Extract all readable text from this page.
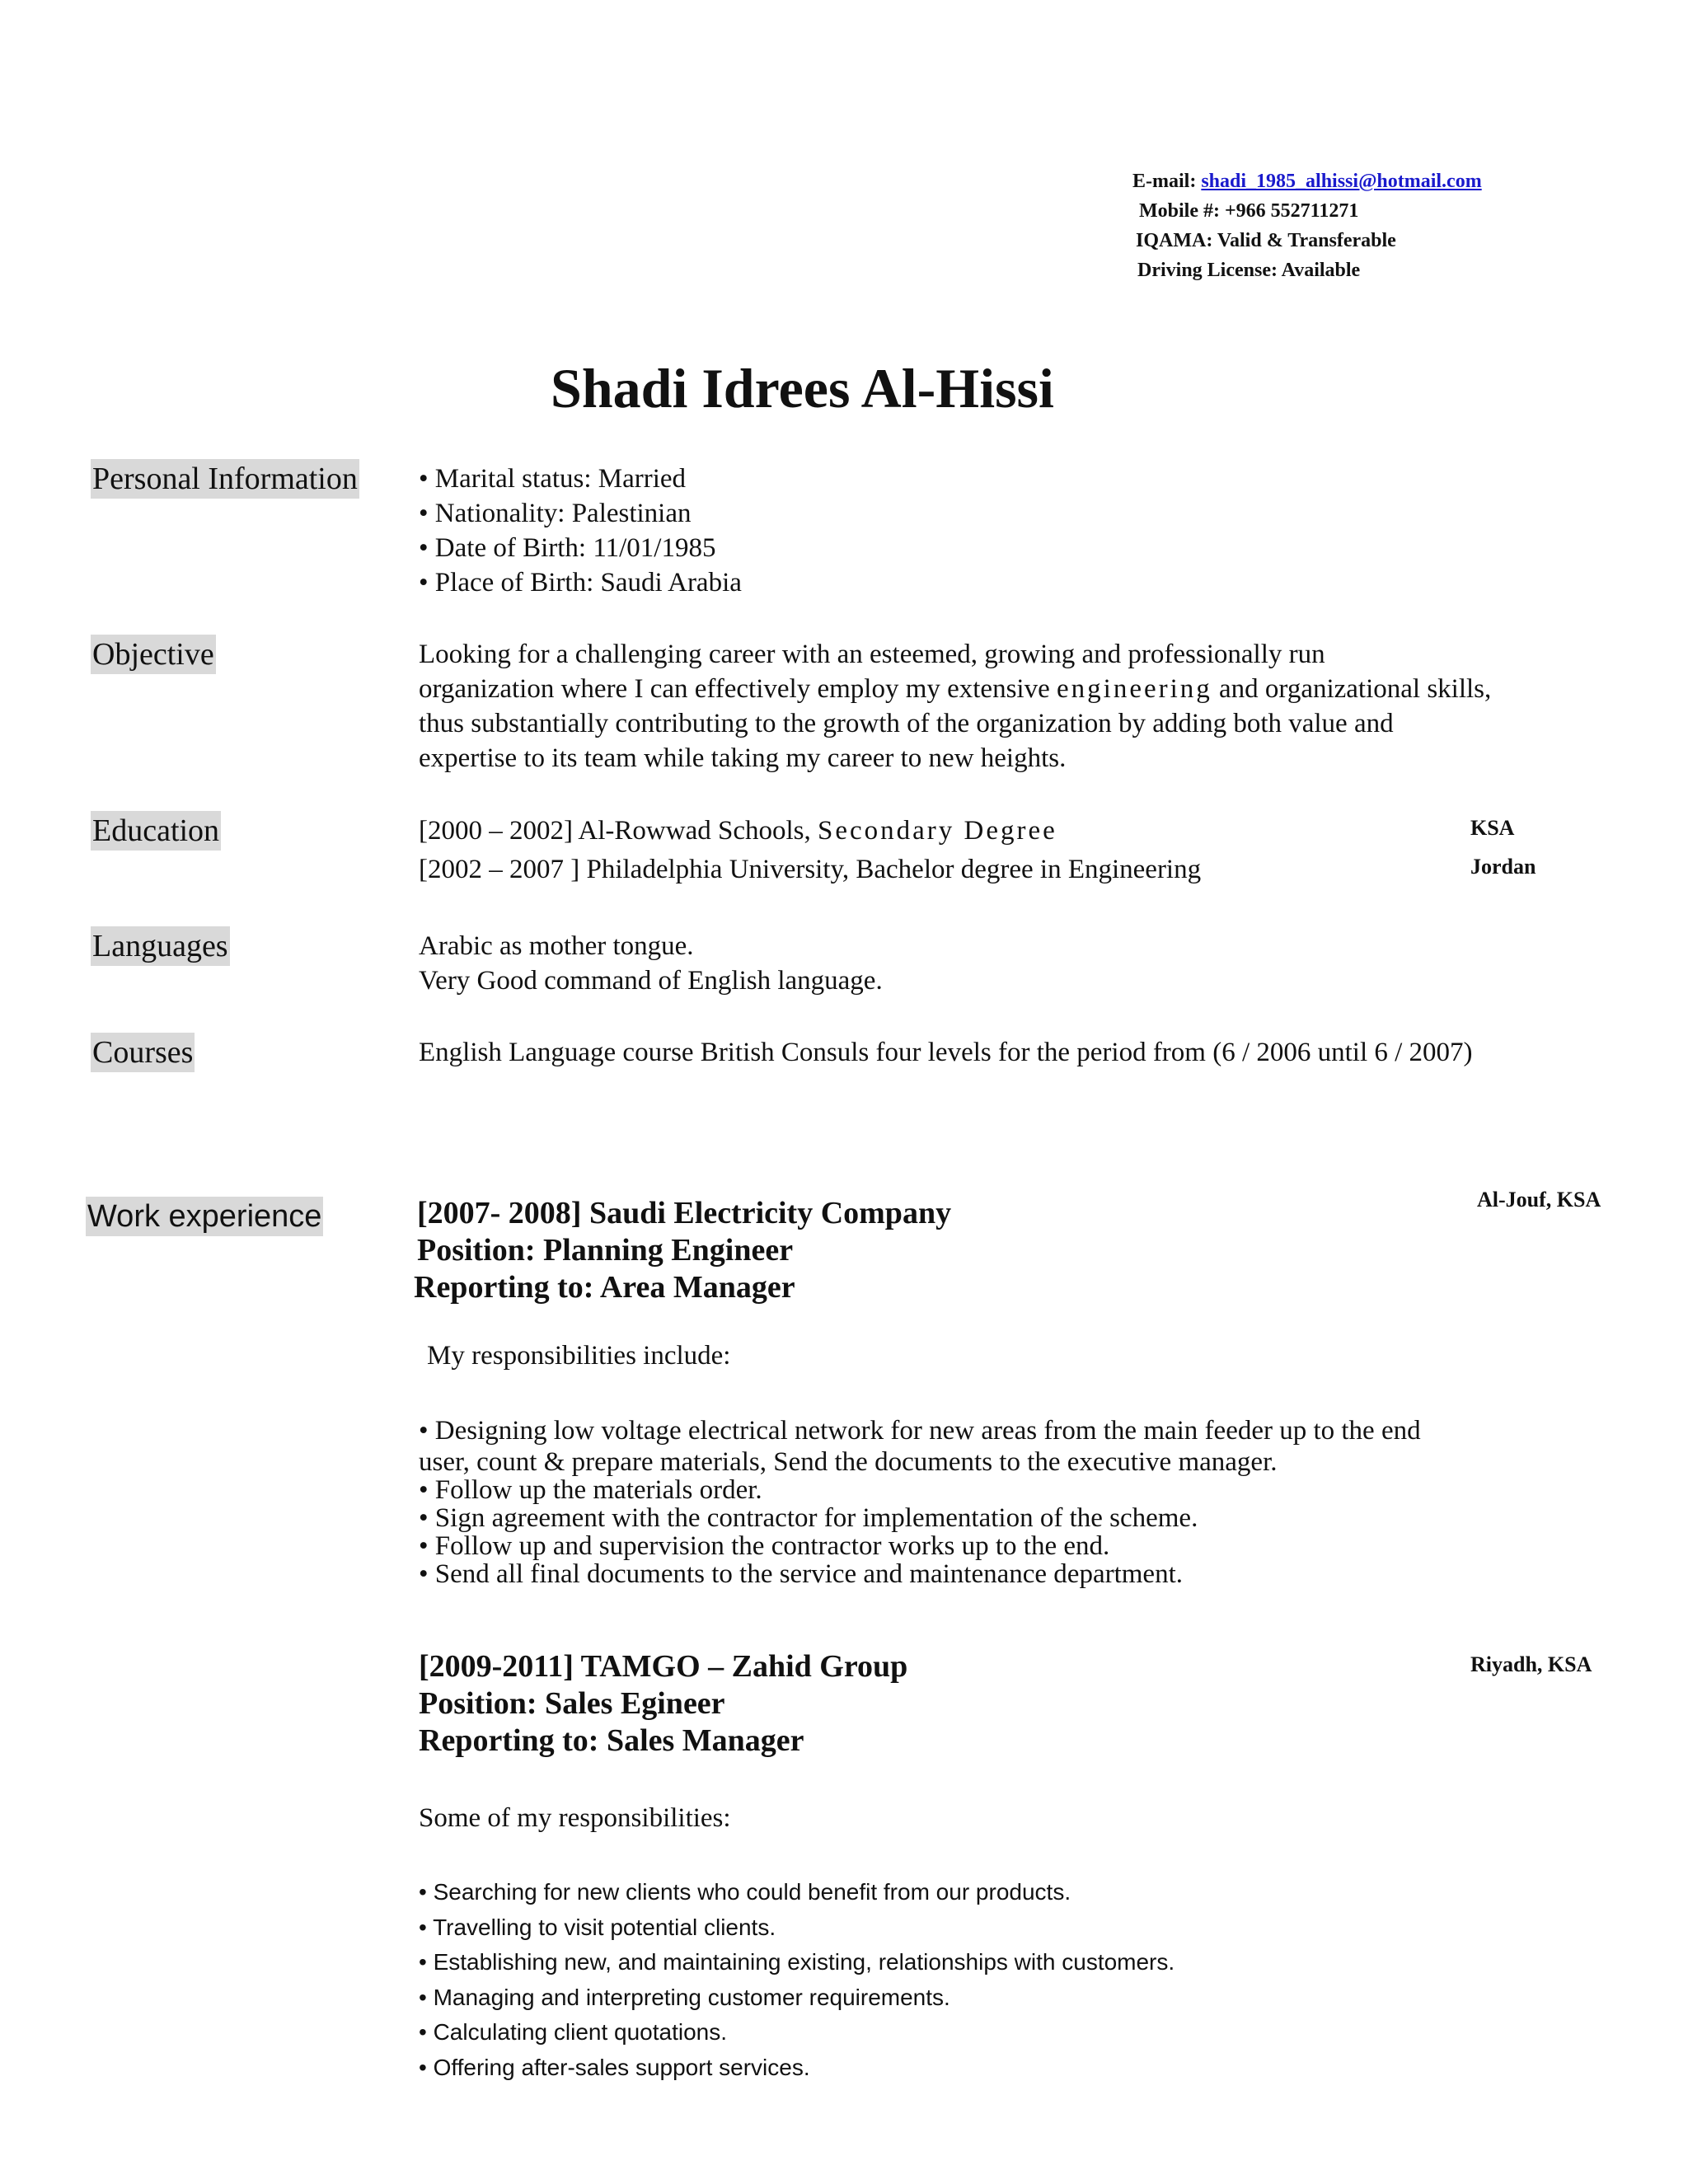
E-mail: shadi_1985_alhissi@hotmail.com
Mobile #: +966 552711271
IQAMA: Valid & Transferable
Driving License: Available
Shadi Idrees Al-Hissi
Personal Information • Marital status: Married
• Nationality: Palestinian
• Date of Birth: 11/01/1985
• Place of Birth: Saudi Arabia
Objective	Looking for a challenging career with an esteemed, growing and professionally run
organization where I can effectively employ my extensive engineering and organizational skills,
thus substantially contributing to the growth of the organization by adding both value and
expertise to its team while taking my career to new heights.
Education	[2000 – 2002] Al-Rowwad Schools, Secondary Degree	KSA
[2002 – 2007 ] Philadelphia University, Bachelor degree in Engineering	Jordan
Languages	Arabic as mother tongue.
Very Good command of English language.
Courses	English Language course British Consuls four levels for the period from (6 / 2006 until 6 / 2007)
Work experience	[2007- 2008] Saudi Electricity Company
Position: Planning Engineer
Reporting to: Area Manager
Al-Jouf, KSA
My responsibilities include:
• Designing low voltage electrical network for new areas from the main feeder up to the end
user, count & prepare materials, Send the documents to the executive manager.
• Follow up the materials order.
• Sign agreement with the contractor for implementation of the scheme.
• Follow up and supervision the contractor works up to the end.
• Send all final documents to the service and maintenance department.
[2009-2011] TAMGO – Zahid Group
Position: Sales Egineer
Reporting to: Sales Manager
Riyadh, KSA
Some of my responsibilities:
• Searching for new clients who could benefit from our products.
• Travelling to visit potential clients.
• Establishing new, and maintaining existing, relationships with customers.
• Managing and interpreting customer requirements.
• Calculating client quotations.
• Offering after-sales support services.
